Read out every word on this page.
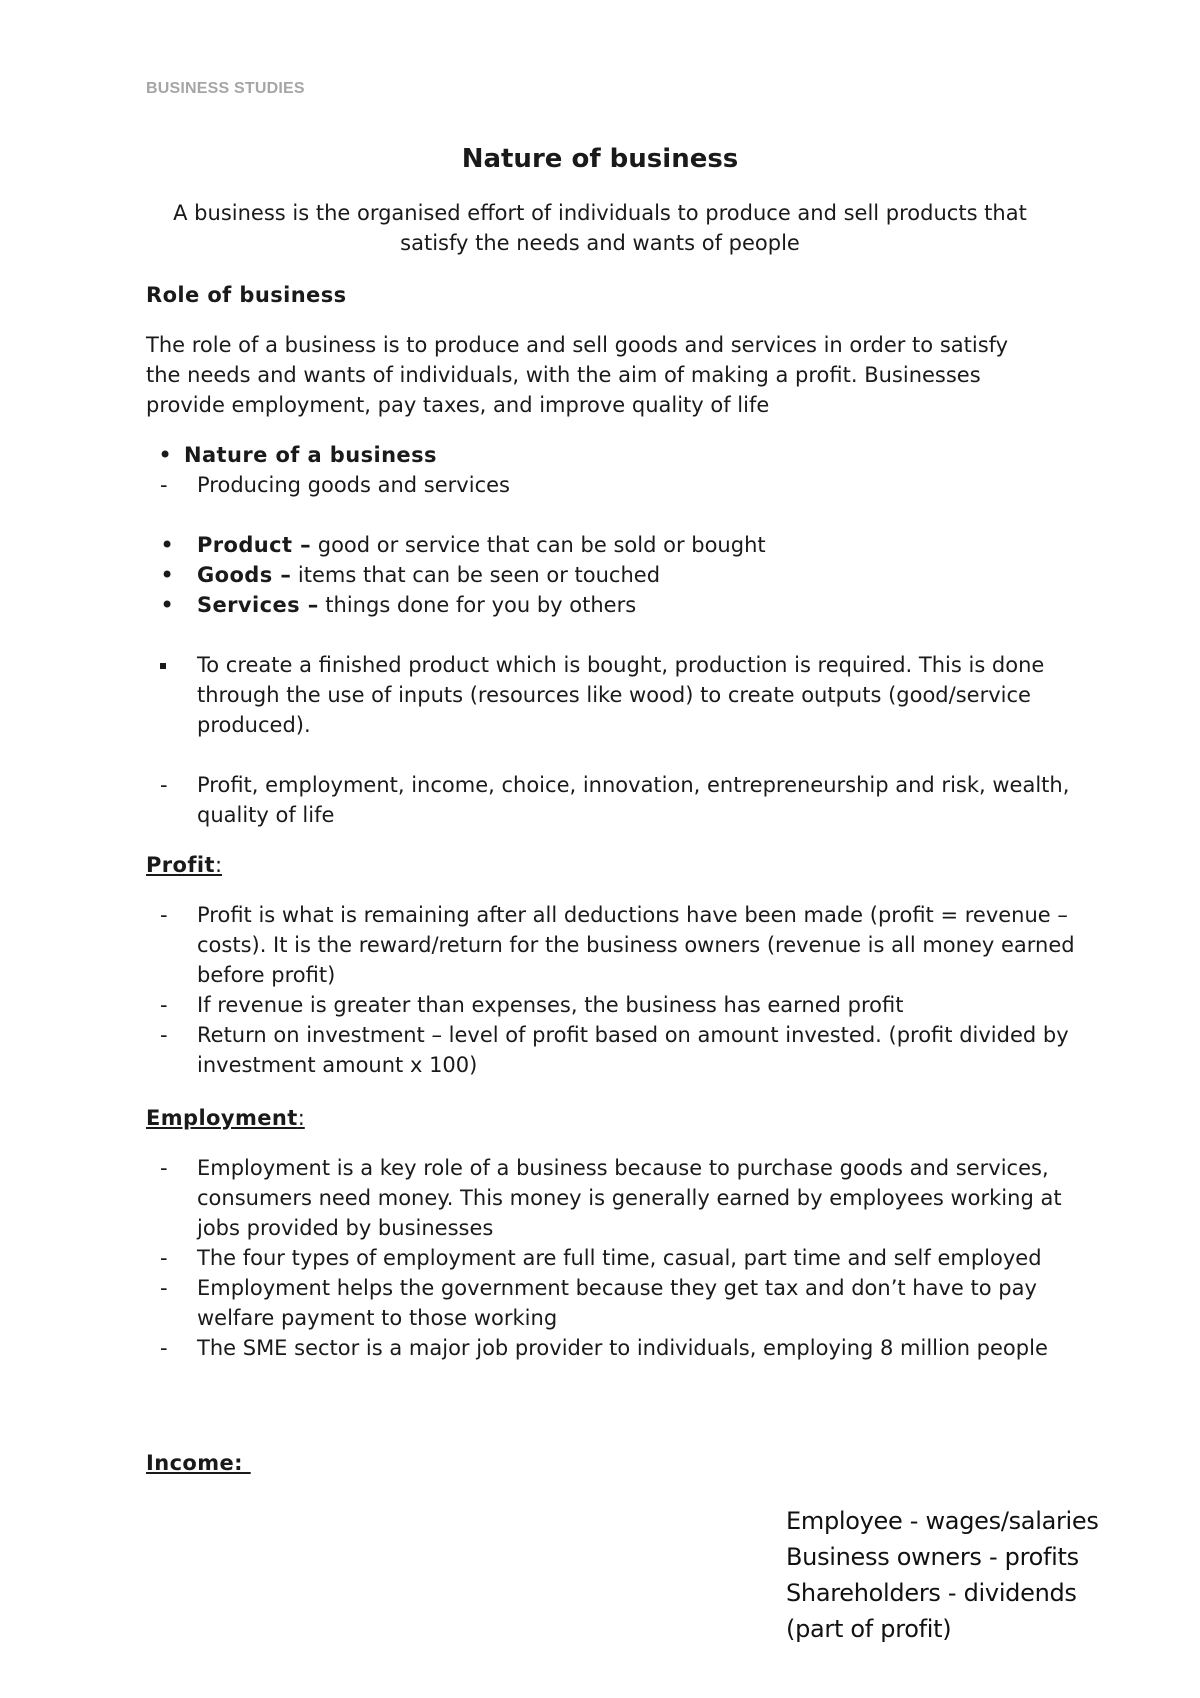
BUSINESS STUDIES
Nature of business
A business is the organised effort of individuals to produce and sell products that satisfy the needs and wants of people
Role of business
The role of a business is to produce and sell goods and services in order to satisfy the needs and wants of individuals, with the aim of making a profit. Businesses provide employment, pay taxes, and improve quality of life
•
Nature of a business
-
Producing goods and services
•
Product – good or service that can be sold or bought
•
Goods – items that can be seen or touched
•
Services – things done for you by others
To create a finished product which is bought, production is required. This is done through the use of inputs (resources like wood) to create outputs (good/service produced).
-
Profit, employment, income, choice, innovation, entrepreneurship and risk, wealth, quality of life
Profit:
-
Profit is what is remaining after all deductions have been made (profit = revenue – costs). It is the reward/return for the business owners (revenue is all money earned before profit)
-
If revenue is greater than expenses, the business has earned profit
-
Return on investment – level of profit based on amount invested. (profit divided by investment amount x 100)
Employment:
-
Employment is a key role of a business because to purchase goods and services, consumers need money. This money is generally earned by employees working at jobs provided by businesses
-
The four types of employment are full time, casual, part time and self employed
-
Employment helps the government because they get tax and don’t have to pay welfare payment to those working
-
The SME sector is a major job provider to individuals, employing 8 million people
Income:
Employee - wages/salaries
Business owners - profits
Shareholders - dividends
(part of profit)
